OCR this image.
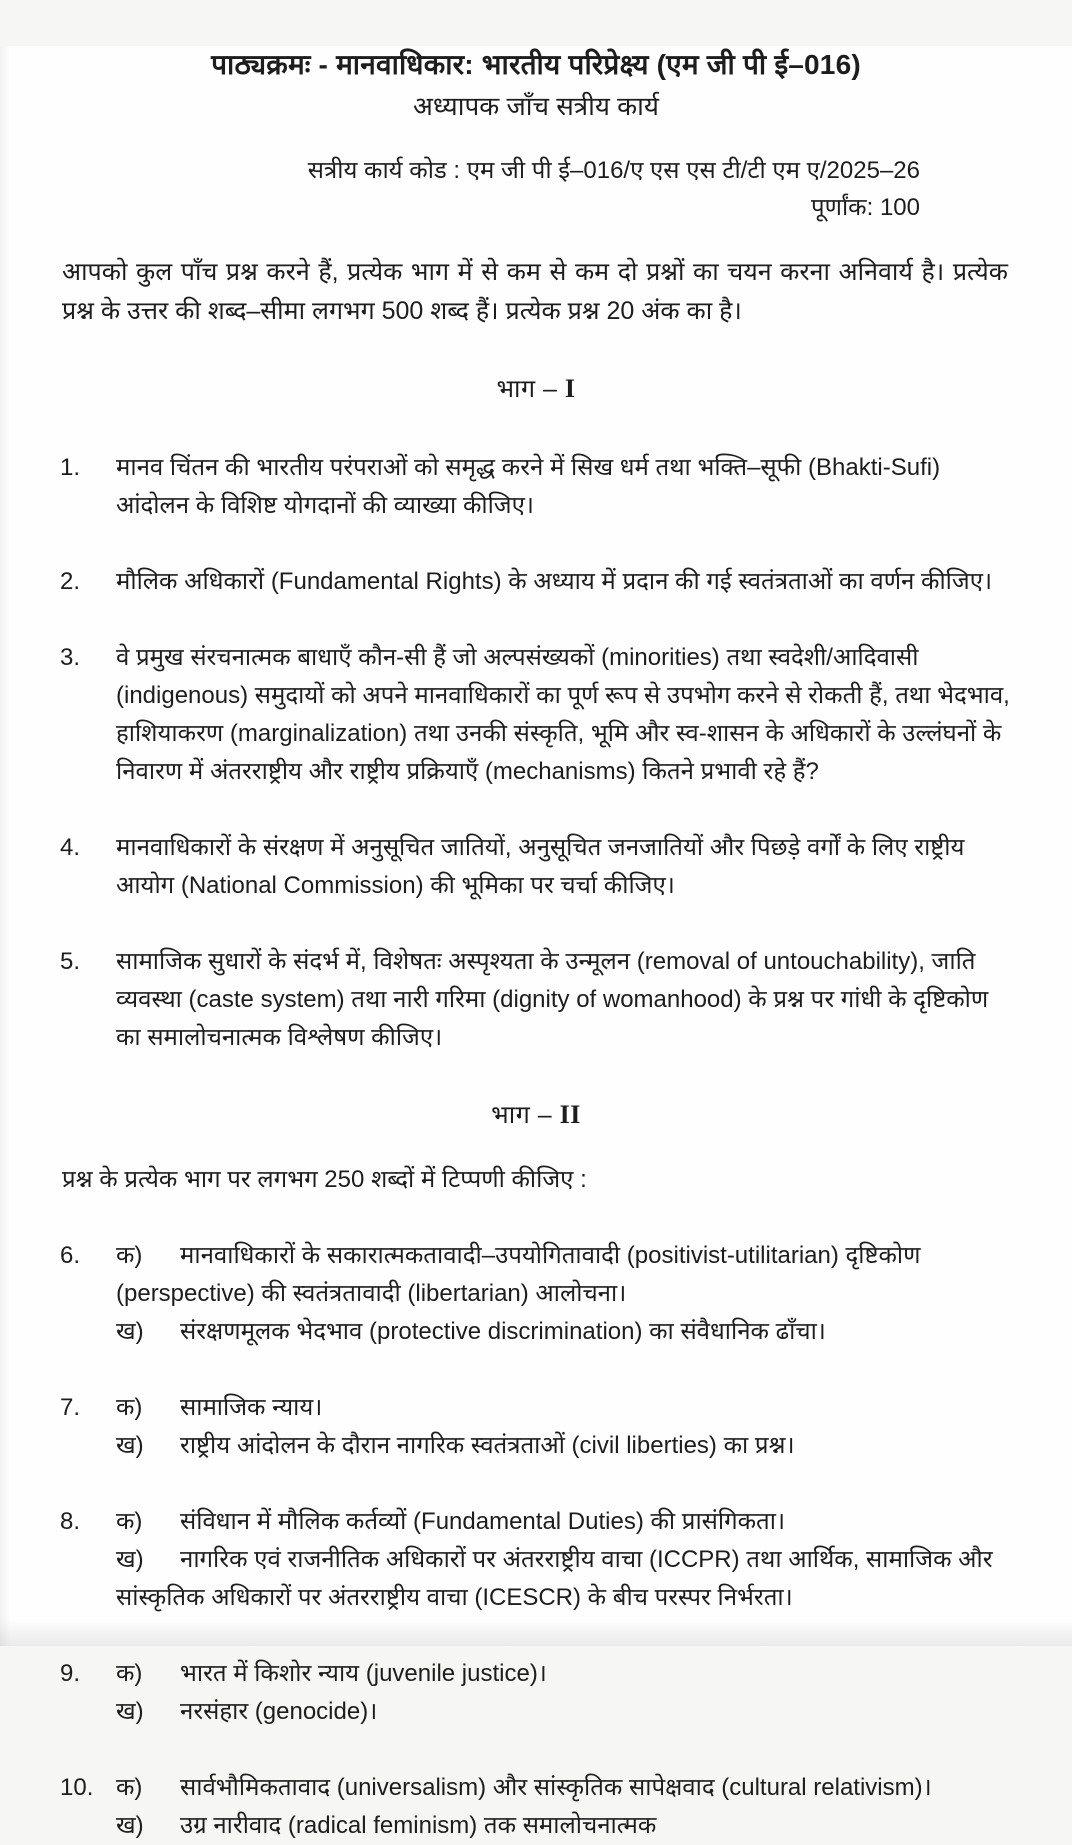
पाठ्यक्रमः - मानवाधिकार: भारतीय परिप्रेक्ष्य (एम जी पी ई–016)
अध्यापक जाँच सत्रीय कार्य
सत्रीय कार्य कोड : एम जी पी ई–016/ए एस एस टी/टी एम ए/2025–26
पूर्णांक: 100
आपको कुल पाँच प्रश्न करने हैं, प्रत्येक भाग में से कम से कम दो प्रश्नों का चयन करना अनिवार्य है। प्रत्येक प्रश्न के उत्तर की शब्द–सीमा लगभग 500 शब्द हैं। प्रत्येक प्रश्न 20 अंक का है।
भाग – I
1.	मानव चिंतन की भारतीय परंपराओं को समृद्ध करने में सिख धर्म तथा भक्ति–सूफी (Bhakti-Sufi) आंदोलन के विशिष्ट योगदानों की व्याख्या कीजिए।
2.	मौलिक अधिकारों (Fundamental Rights) के अध्याय में प्रदान की गई स्वतंत्रताओं का वर्णन कीजिए।
3.	वे प्रमुख संरचनात्मक बाधाएँ कौन-सी हैं जो अल्पसंख्यकों (minorities) तथा स्वदेशी/आदिवासी (indigenous) समुदायों को अपने मानवाधिकारों का पूर्ण रूप से उपभोग करने से रोकती हैं, तथा भेदभाव, हाशियाकरण (marginalization) तथा उनकी संस्कृति, भूमि और स्व-शासन के अधिकारों के उल्लंघनों के निवारण में अंतरराष्ट्रीय और राष्ट्रीय प्रक्रियाएँ (mechanisms) कितने प्रभावी रहे हैं?
4.	मानवाधिकारों के संरक्षण में अनुसूचित जातियों, अनुसूचित जनजातियों और पिछड़े वर्गों के लिए राष्ट्रीय आयोग (National Commission) की भूमिका पर चर्चा कीजिए।
5.	सामाजिक सुधारों के संदर्भ में, विशेषतः अस्पृश्यता के उन्मूलन (removal of untouchability), जाति व्यवस्था (caste system) तथा नारी गरिमा (dignity of womanhood) के प्रश्न पर गांधी के दृष्टिकोण का समालोचनात्मक विश्लेषण कीजिए।
भाग – II
प्रश्न के प्रत्येक भाग पर लगभग 250 शब्दों में टिप्पणी कीजिए :
6.	क) मानवाधिकारों के सकारात्मकतावादी–उपयोगितावादी (positivist-utilitarian) दृष्टिकोण (perspective) की स्वतंत्रतावादी (libertarian) आलोचना।
ख) संरक्षणमूलक भेदभाव (protective discrimination) का संवैधानिक ढाँचा।
7.	क) सामाजिक न्याय।
ख) राष्ट्रीय आंदोलन के दौरान नागरिक स्वतंत्रताओं (civil liberties) का प्रश्न।
8.	क) संविधान में मौलिक कर्तव्यों (Fundamental Duties) की प्रासंगिकता।
ख) नागरिक एवं राजनीतिक अधिकारों पर अंतरराष्ट्रीय वाचा (ICCPR) तथा आर्थिक, सामाजिक और सांस्कृतिक अधिकारों पर अंतरराष्ट्रीय वाचा (ICESCR) के बीच परस्पर निर्भरता।
9.	क) भारत में किशोर न्याय (juvenile justice)।
ख) नरसंहार (genocide)।
10. क) सार्वभौमिकतावाद (universalism) और सांस्कृतिक सापेक्षवाद (cultural relativism)।
ख) उग्र नारीवाद (radical feminism) तक समालोचनात्मक
